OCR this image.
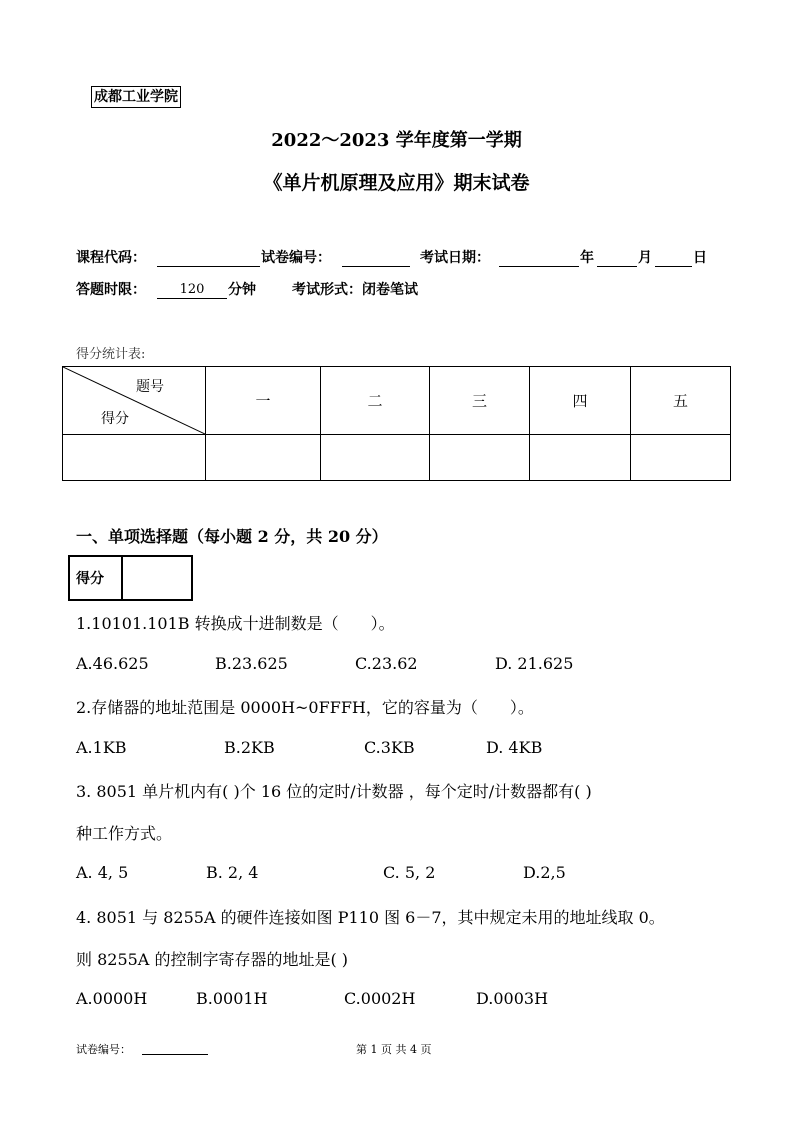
成都工业学院
2022～2023 学年度第一学期
《单片机原理及应用》期末试卷
课程代码：	试卷编号：	考试日期：	年	月	日
答题时限：	120	分钟	考试形式： 闭卷笔试
得分统计表:
题号
得分	一	二	三	四	五

一、单项选择题（每小题 2 分，共 20 分）
得分	
1.10101.101B 转换成十进制数是（　　）。
A.46.625	B.23.625	C.23.62	D. 21.625
2.存储器的地址范围是 0000H~0FFFH，它的容量为（　　）。
A.1KB	B.2KB	C.3KB	D. 4KB
3. 8051 单片机内有( )个 16 位的定时/计数器 ，每个定时/计数器都有( )
种工作方式。
A. 4, 5	B. 2, 4	C. 5, 2	D.2,5
4. 8051 与 8255A 的硬件连接如图 P110 图 6－7，其中规定未用的地址线取 0。
则 8255A 的控制字寄存器的地址是( )
A.0000H	B.0001H	C.0002H	D.0003H
试卷编号：	第 1 页 共 4 页
